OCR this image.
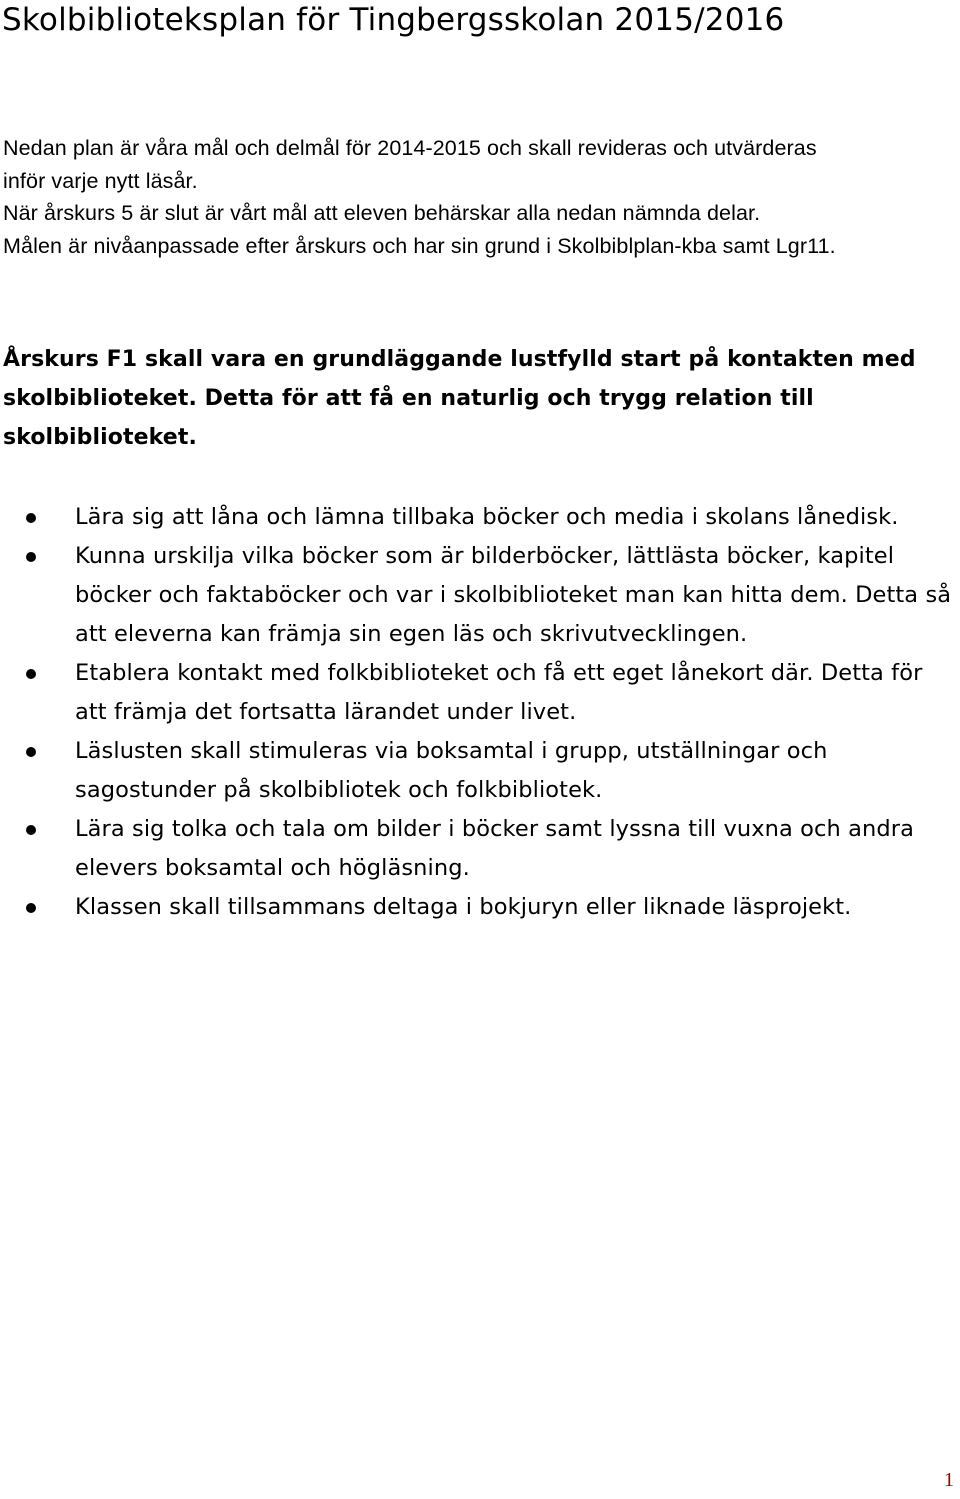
Skolbiblioteksplan för Tingbergsskolan 2015/2016

Nedan plan är våra mål och delmål för 2014-2015 och skall revideras och utvärderas

inför varje nytt läsår.

När årskurs 5 är slut är vårt mål att eleven behärskar alla nedan nämnda delar.

Målen är nivåanpassade efter årskurs och har sin grund i Skolbiblplan-kba samt Lgr11.

Årskurs F1 skall vara en grundläggande lustfylld start på kontakten med skolbiblioteket. Detta för att få en naturlig och trygg relation till skolbiblioteket.
Lära sig att låna och lämna tillbaka böcker och media i skolans lånedisk.
Kunna urskilja vilka böcker som är bilderböcker, lättlästa böcker, kapitel böcker och faktaböcker och var i skolbiblioteket man kan hitta dem. Detta så att eleverna kan främja sin egen läs och skrivutvecklingen.
Etablera kontakt med folkbiblioteket och få ett eget lånekort där. Detta för att främja det fortsatta lärandet under livet.
Läslusten skall stimuleras via boksamtal i grupp, utställningar och sagostunder på skolbibliotek och folkbibliotek.
Lära sig tolka och tala om bilder i böcker samt lyssna till vuxna och andra elevers boksamtal och högläsning.
Klassen skall tillsammans deltaga i bokjuryn eller liknade läsprojekt.
1
